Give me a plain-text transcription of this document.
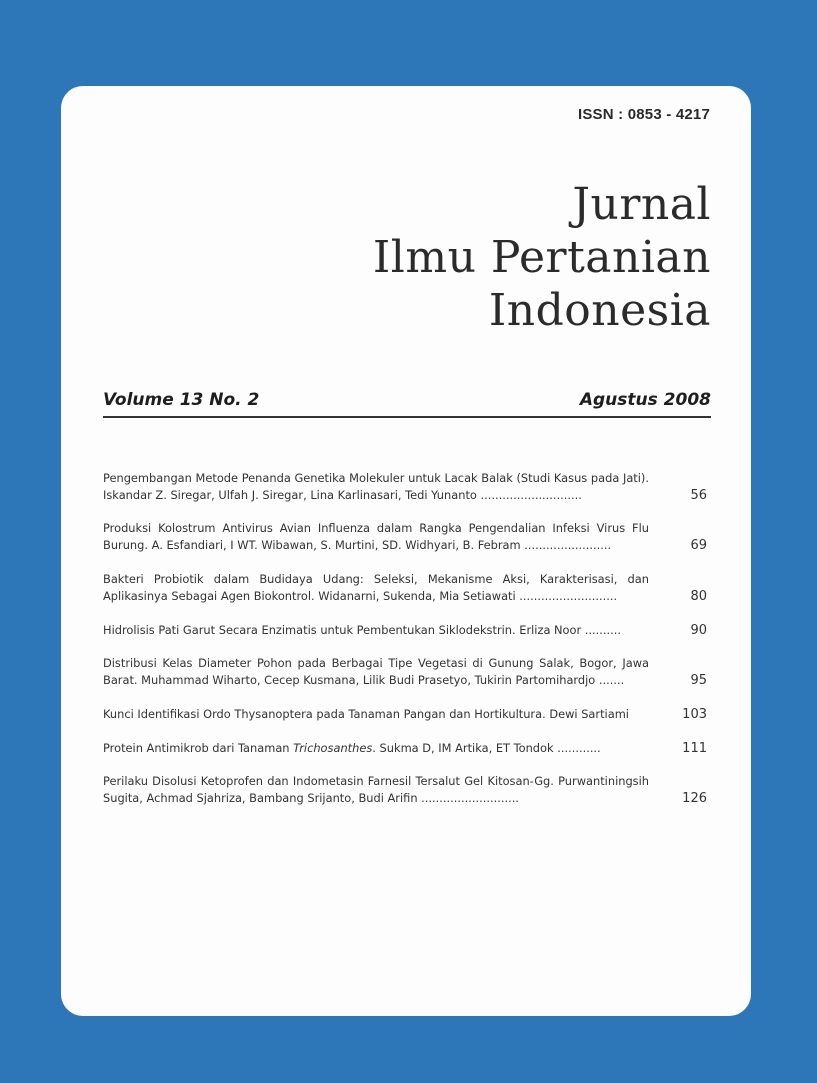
ISSN : 0853 - 4217
Jurnal
Ilmu Pertanian
Indonesia
Volume 13 No. 2	Agustus 2008
Pengembangan Metode Penanda Genetika Molekuler untuk Lacak Balak (Studi Kasus pada Jati). Iskandar Z. Siregar, Ulfah J. Siregar, Lina Karlinasari, Tedi Yunanto ............................	56
Produksi Kolostrum Antivirus Avian Influenza dalam Rangka Pengendalian Infeksi Virus Flu Burung. A. Esfandiari, I WT. Wibawan, S. Murtini, SD. Widhyari, B. Febram ........................	69
Bakteri Probiotik dalam Budidaya Udang: Seleksi, Mekanisme Aksi, Karakterisasi, dan Aplikasinya Sebagai Agen Biokontrol. Widanarni, Sukenda, Mia Setiawati ...........................	80
Hidrolisis Pati Garut Secara Enzimatis untuk Pembentukan Siklodekstrin. Erliza Noor ..........	90
Distribusi Kelas Diameter Pohon pada Berbagai Tipe Vegetasi di Gunung Salak, Bogor, Jawa Barat. Muhammad Wiharto, Cecep Kusmana, Lilik Budi Prasetyo, Tukirin Partomihardjo .......	95
Kunci Identifikasi Ordo Thysanoptera pada Tanaman Pangan dan Hortikultura. Dewi Sartiami	103
Protein Antimikrob dari Tanaman Trichosanthes. Sukma D, IM Artika, ET Tondok ............	111
Perilaku Disolusi Ketoprofen dan Indometasin Farnesil Tersalut Gel Kitosan-Gg. Purwantiningsih Sugita, Achmad Sjahriza, Bambang Srijanto, Budi Arifin ...........................	126
